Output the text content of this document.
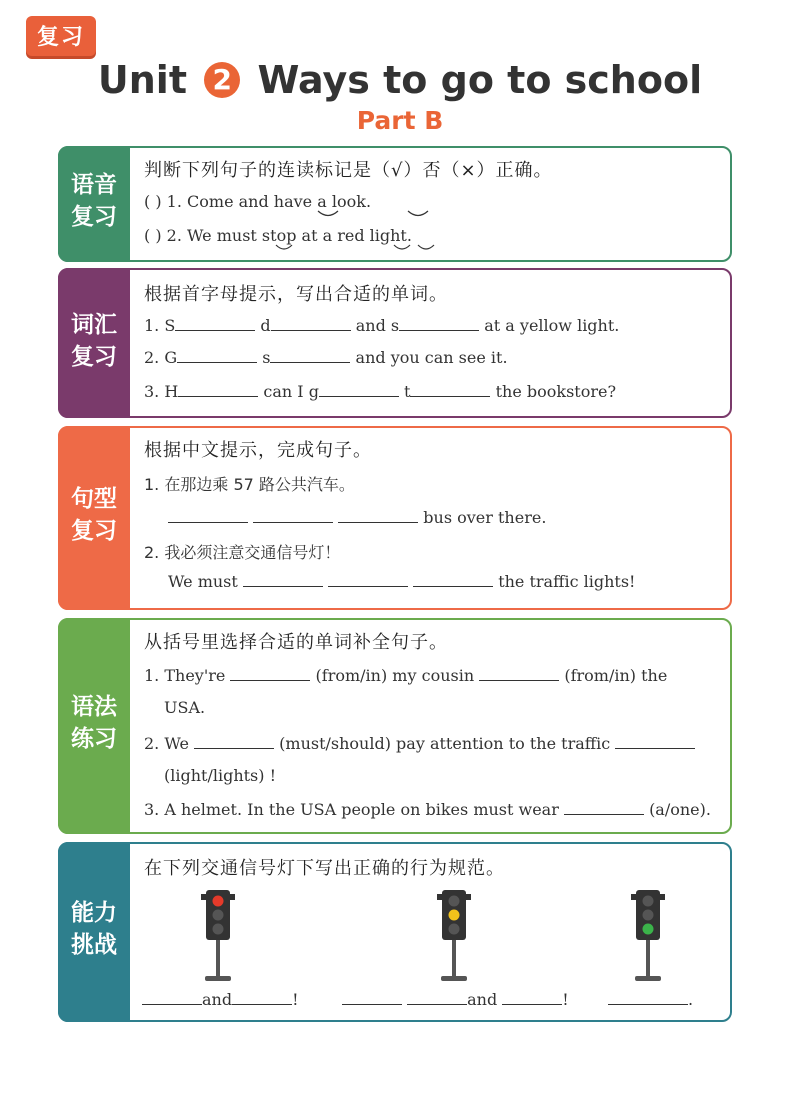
复习
Unit 2 Ways to go to school
Part B
语音
复习
判断下列句子的连读标记是（√）否（×）正确。
( ) 1. Come and have a look.
( ) 2. We must stop at a red light.
词汇
复习
根据首字母提示，写出合适的单词。
1. S	d	and s	at a yellow light.
2. G	s	and you can see it.
3. H	can I g	t	the bookstore?
句型
复习
根据中文提示，完成句子。
1. 在那边乘 57 路公共汽车。
bus over there.
2. 我必须注意交通信号灯！
We must	the traffic lights!
语法
练习
从括号里选择合适的单词补全句子。
1. They're	(from/in) my cousin	(from/in) the
USA.
2. We	(must/should) pay attention to the traffic
(light/lights) !
3. A helmet. In the USA people on bikes must wear	(a/one).
能力
挑战
在下列交通信号灯下写出正确的行为规范。
and	!	and	!	.
